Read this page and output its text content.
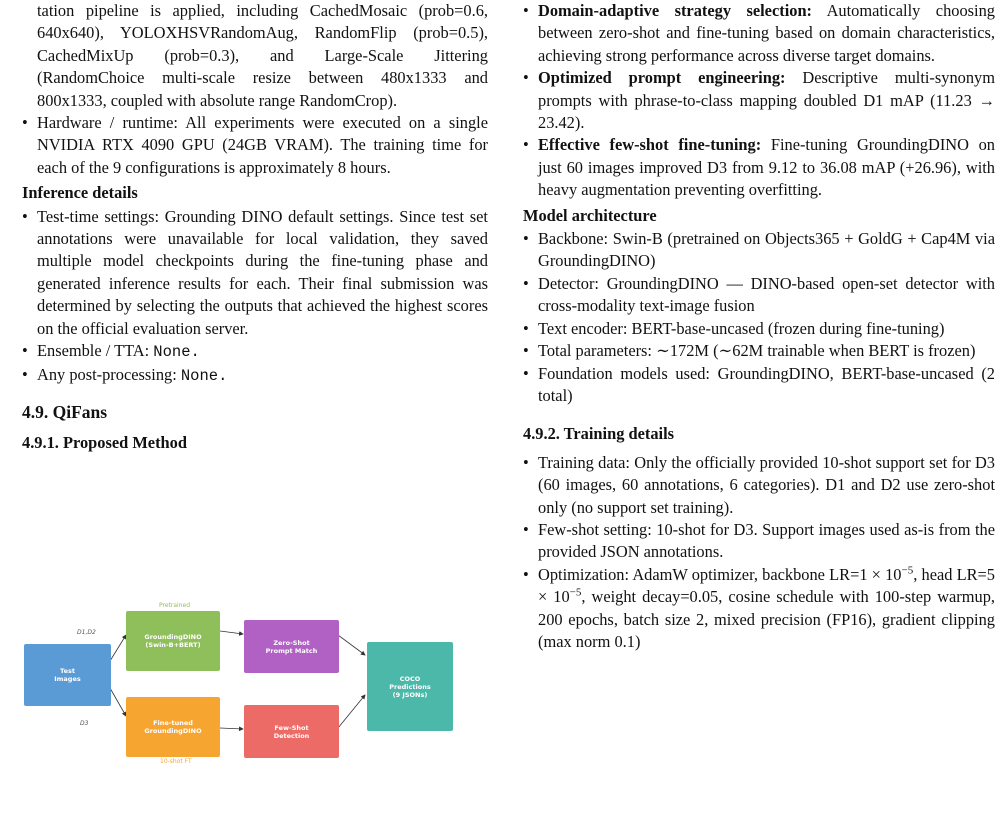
tation pipeline is applied, including CachedMosaic (prob=0.6, 640x640), YOLOXHSVRandomAug, RandomFlip (prob=0.5), CachedMixUp (prob=0.3), and Large-Scale Jittering (RandomChoice multi-scale resize between 480x1333 and 800x1333, coupled with absolute range RandomCrop).

• Hardware / runtime: All experiments were executed on a single NVIDIA RTX 4090 GPU (24GB VRAM). The training time for each of the 9 configurations is approximately 8 hours.
Inference details
• Test-time settings: Grounding DINO default settings. Since test set annotations were unavailable for local validation, they saved multiple model checkpoints during the fine-tuning phase and generated inference results for each. Their final submission was determined by selecting the outputs that achieved the highest scores on the official evaluation server.
• Ensemble / TTA: None.
• Any post-processing: None.
4.9. QiFans
4.9.1. Proposed Method
Pretrained
D1,D2
D3
10-shot FT
Test
Images
GroundingDINO
(Swin-B+BERT)
Fine-tuned
GroundingDINO
Zero-Shot
Prompt Match
Few-Shot
Detection
COCO
Predictions
(9 JSONs)
• Domain-adaptive strategy selection: Automatically choosing between zero-shot and fine-tuning based on domain characteristics, achieving strong performance across diverse target domains.
• Optimized prompt engineering: Descriptive multi-synonym prompts with phrase-to-class mapping doubled D1 mAP (11.23 → 23.42).
• Effective few-shot fine-tuning: Fine-tuning GroundingDINO on just 60 images improved D3 from 9.12 to 36.08 mAP (+26.96), with heavy augmentation preventing overfitting.
Model architecture
• Backbone: Swin-B (pretrained on Objects365 + GoldG + Cap4M via GroundingDINO)
• Detector: GroundingDINO — DINO-based open-set detector with cross-modality text-image fusion
• Text encoder: BERT-base-uncased (frozen during fine-tuning)
• Total parameters: ∼172M (∼62M trainable when BERT is frozen)
• Foundation models used: GroundingDINO, BERT-base-uncased (2 total)
4.9.2. Training details
• Training data: Only the officially provided 10-shot support set for D3 (60 images, 60 annotations, 6 categories). D1 and D2 use zero-shot only (no support set training).
• Few-shot setting: 10-shot for D3. Support images used as-is from the provided JSON annotations.
• Optimization: AdamW optimizer, backbone $LR=1 \times 10^{-5}$, head $LR=5 \times 10^{-5}$, weight decay=0.05, cosine schedule with 100-step warmup, 200 epochs, batch size 2, mixed precision (FP16), gradient clipping (max norm 0.1)
